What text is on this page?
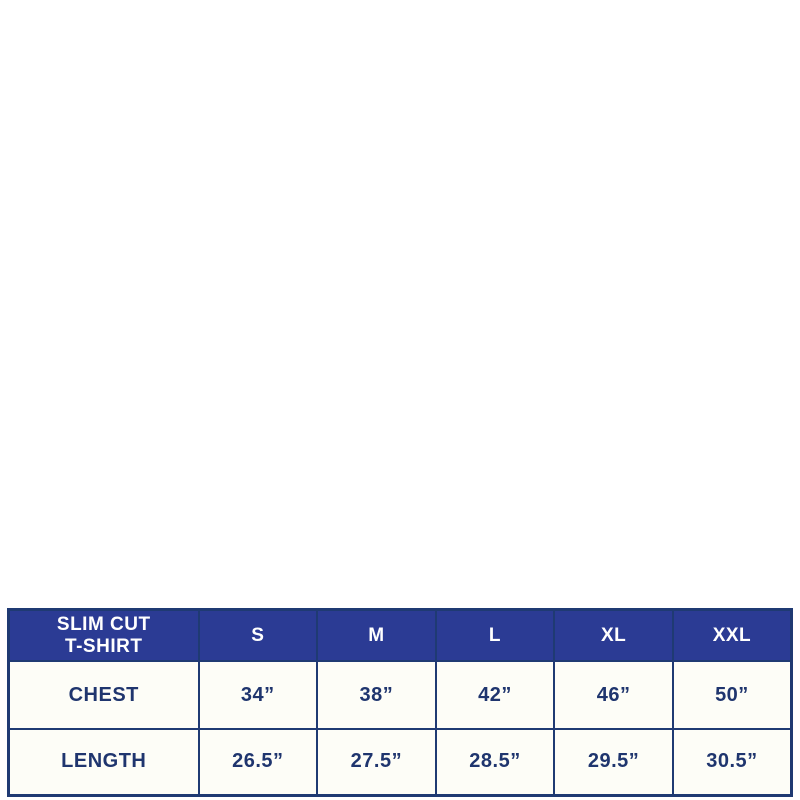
SLIM CUT
T-SHIRT	S	M	L	XL	XXL
CHEST	34”	38”	42”	46”	50”
LENGTH	26.5”	27.5”	28.5”	29.5”	30.5”
